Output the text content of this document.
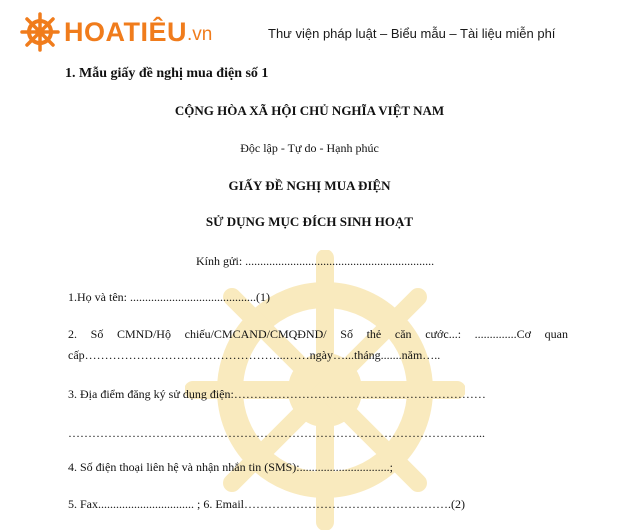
HOATIÊU .vn	Thư viện pháp luật – Biểu mẫu – Tài liệu miễn phí
1. Mẫu giấy đề nghị mua điện số 1
CỘNG HÒA XÃ HỘI CHỦ NGHĨA VIỆT NAM
Độc lập - Tự do - Hạnh phúc
GIẤY ĐỀ NGHỊ MUA ĐIỆN
SỬ DỤNG MỤC ĐÍCH SINH HOẠT
Kính gửi: ...............................................................
1.Họ và tên: ..........................................(1)
2. Số CMND/Hộ chiếu/CMCAND/CMQĐND/ Số thẻ căn cước...: ..............Cơ quan
cấp…………………………………………...……ngày…...tháng.......năm…..
3. Địa điểm đăng ký sử dụng điện:………………………………………………………
…………………………………………………………………………………………...
4. Số điện thoại liên hệ và nhận nhắn tin (SMS):..............................;
5. Fax................................ ; 6. Email…………………………………………….(2)
